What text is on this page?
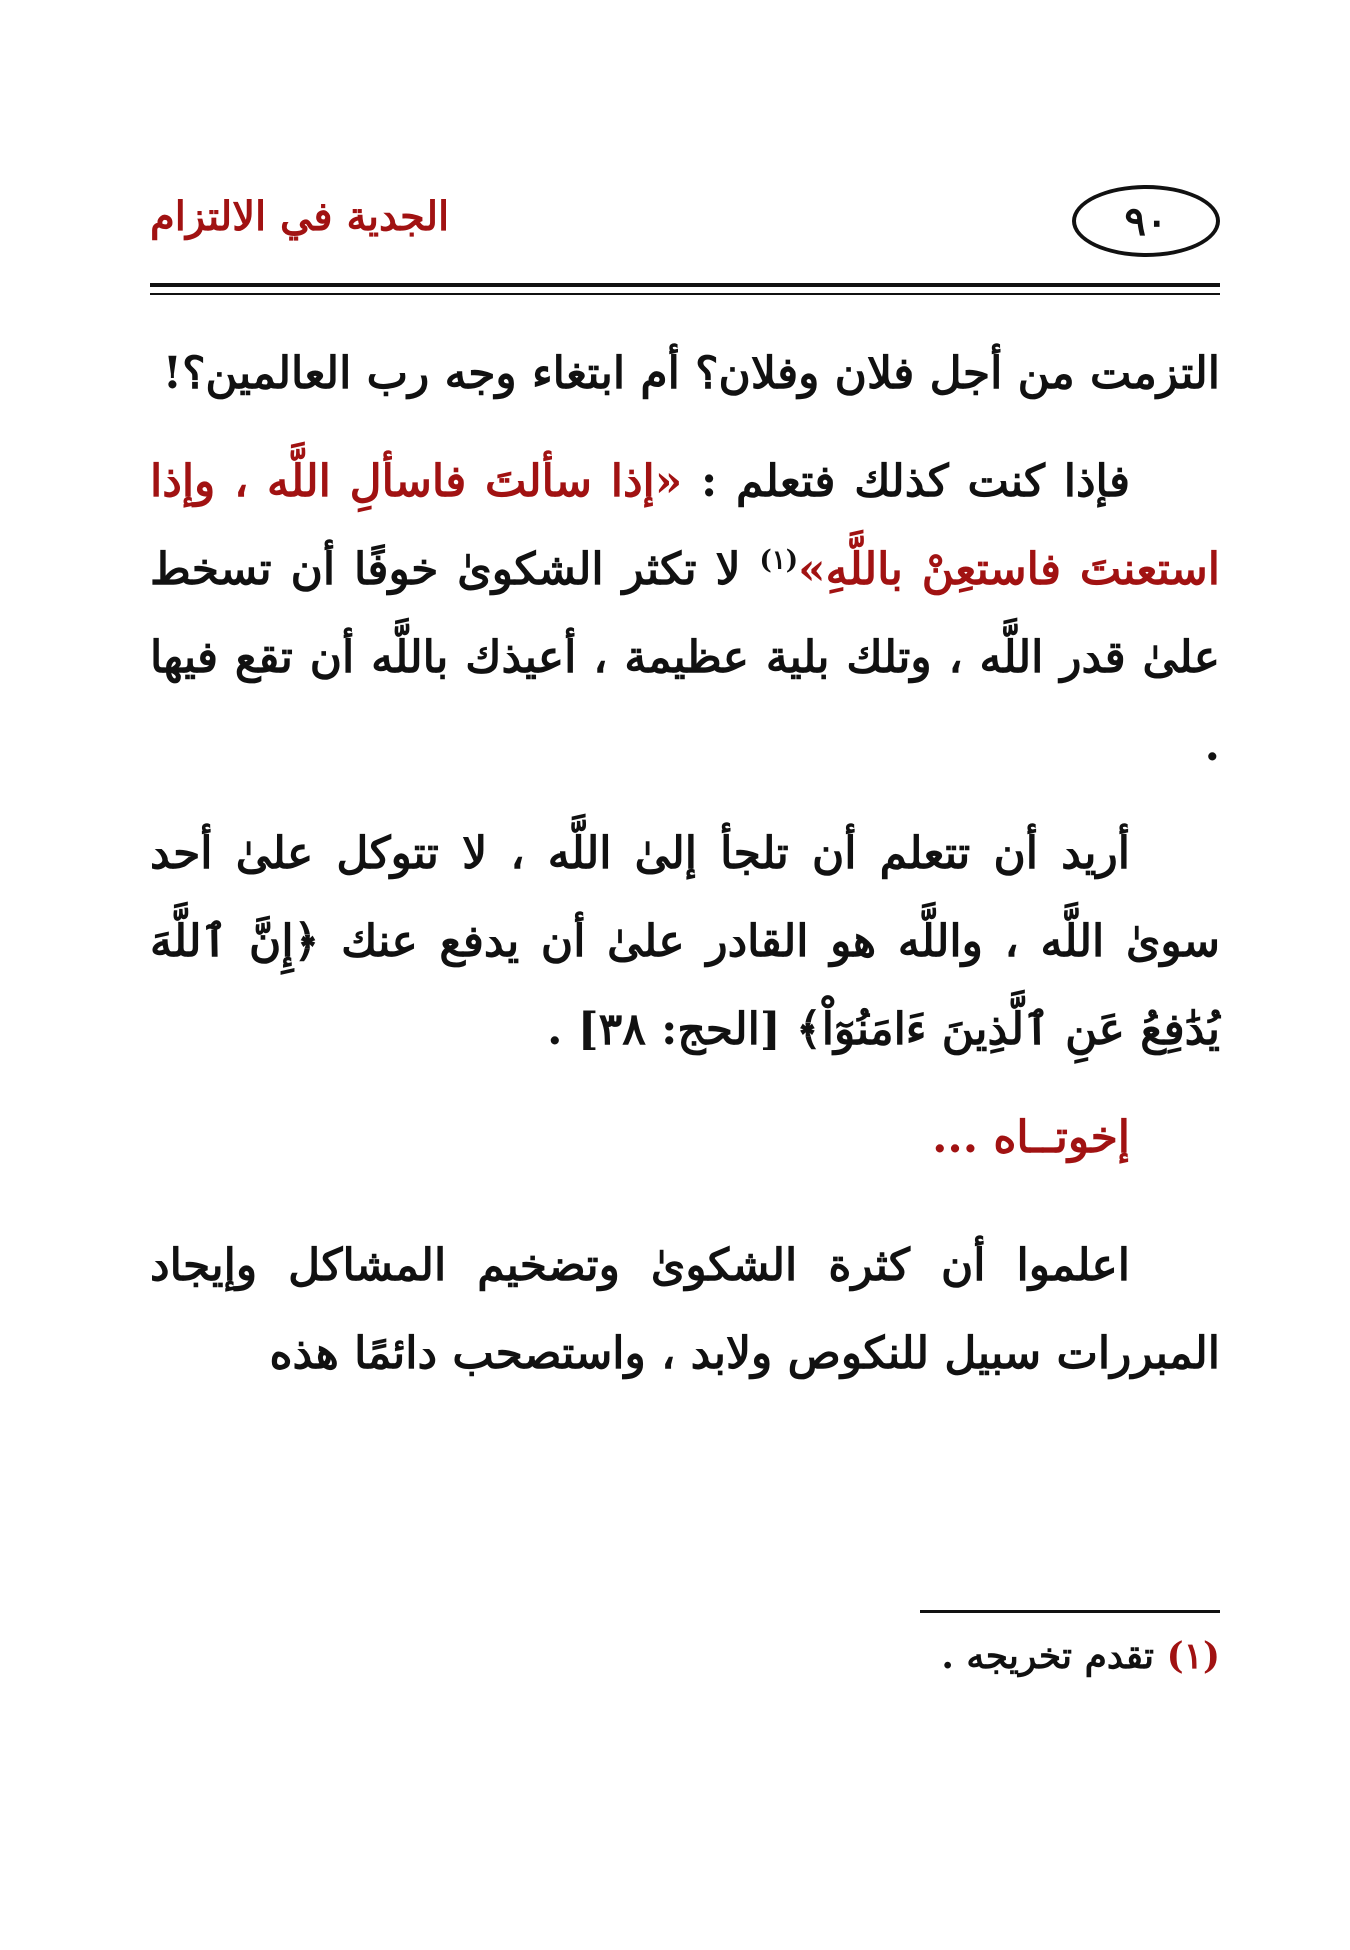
الجدية في الالتزام	٩٠

التزمت من أجل فلان وفلان؟ أم ابتغاء وجه رب العالمين؟!

فإذا كنت كذلك فتعلم : «إذا سألتَ فاسألِ اللَّه ، وإذا استعنتَ فاستعِنْ باللَّهِ»$^{(١)}$ لا تكثر الشكوىٰ خوفًا أن تسخط علىٰ قدر اللَّه ، وتلك بلية عظيمة ، أعيذك باللَّه أن تقع فيها .

أريد أن تتعلم أن تلجأ إلىٰ اللَّه ، لا تتوكل علىٰ أحد سوىٰ اللَّه ، واللَّه هو القادر علىٰ أن يدفع عنك ﴿إِنَّ ٱللَّهَ يُدَٰفِعُ عَنِ ٱلَّذِينَ ءَامَنُوٓاْ﴾ [الحج: ٣٨] .

إخوتــاه ...

اعلموا أن كثرة الشكوىٰ وتضخيم المشاكل وإيجاد المبررات سبيل للنكوص ولابد ، واستصحب دائمًا هذه

(١) تقدم تخريجه .
